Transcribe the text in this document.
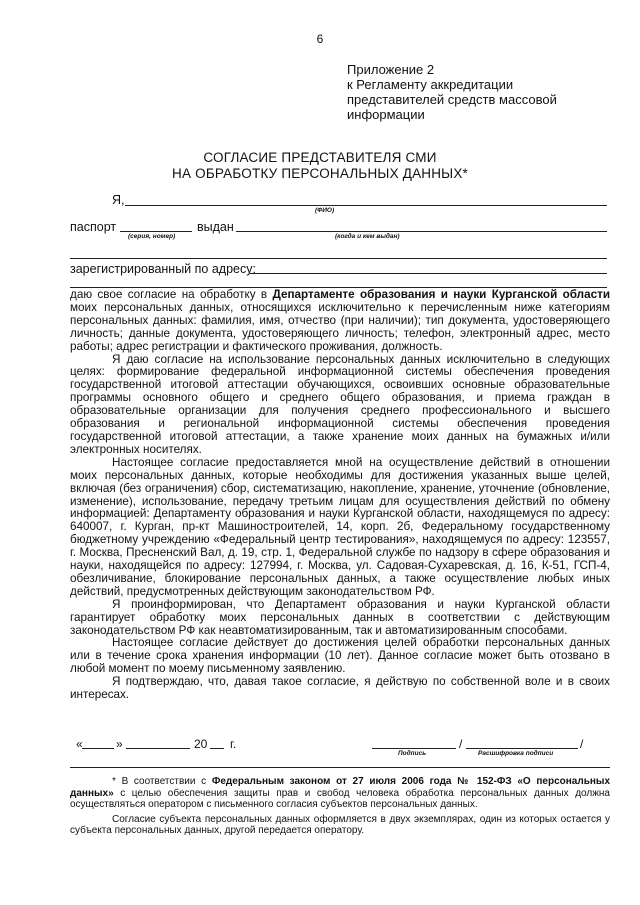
6
Приложение 2
к Регламенту аккредитации
представителей средств массовой
информации
СОГЛАСИЕ ПРЕДСТАВИТЕЛЯ СМИ
НА ОБРАБОТКУ ПЕРСОНАЛЬНЫХ ДАННЫХ*
Я,
(ФИО)
паспорт
(серия, номер)
выдан
(когда и кем выдан)
зарегистрированный по адресу:

даю свое согласие на обработку в Департаменте образования и науки Курганской области моих персональных данных, относящихся исключительно к перечисленным ниже категориям персональных данных: фамилия, имя, отчество (при наличии); тип документа, удостоверяющего личность; данные документа, удостоверяющего личность; телефон, электронный адрес, место работы; адрес регистрации и фактического проживания, должность.

Я даю согласие на использование персональных данных исключительно в следующих целях: формирование федеральной информационной системы обеспечения проведения государственной итоговой аттестации обучающихся, освоивших основные образовательные программы основного общего и среднего общего образования, и приема граждан в образовательные организации для получения среднего профессионального и высшего образования и региональной информационной системы обеспечения проведения государственной итоговой аттестации, а также хранение моих данных на бумажных и/или электронных носителях.

Настоящее согласие предоставляется мной на осуществление действий в отношении моих персональных данных, которые необходимы для достижения указанных выше целей, включая (без ограничения) сбор, систематизацию, накопление, хранение, уточнение (обновление, изменение), использование, передачу третьим лицам для осуществления действий по обмену информацией: Департаменту образования и науки Курганской области, находящемуся по адресу: 640007, г. Курган, пр-кт Машиностроителей, 14, корп. 2б, Федеральному государственному бюджетному учреждению «Федеральный центр тестирования», находящемуся по адресу: 123557, г. Москва, Пресненский Вал, д. 19, стр. 1, Федеральной службе по надзору в сфере образования и науки, находящейся по адресу: 127994, г. Москва, ул. Садовая-Сухаревская, д. 16, К-51, ГСП-4, обезличивание, блокирование персональных данных, а также осуществление любых иных действий, предусмотренных действующим законодательством РФ.

Я проинформирован, что Департамент образования и науки Курганской области гарантирует обработку моих персональных данных в соответствии с действующим законодательством РФ как неавтоматизированным, так и автоматизированным способами.

Настоящее согласие действует до достижения целей обработки персональных данных или в течение срока хранения информации (10 лет). Данное согласие может быть отозвано в любой момент по моему письменному заявлению.

Я подтверждаю, что, давая такое согласие, я действую по собственной воле и в своих интересах.

«	»	20 г.
Подпись
/	/
Расшифровка подписи

* В соответствии с Федеральным законом от 27 июля 2006 года № 152-ФЗ «О персональных данных» с целью обеспечения защиты прав и свобод человека обработка персональных данных должна осуществляться оператором с письменного согласия субъектов персональных данных.

Согласие субъекта персональных данных оформляется в двух экземплярах, один из которых остается у субъекта персональных данных, другой передается оператору.
